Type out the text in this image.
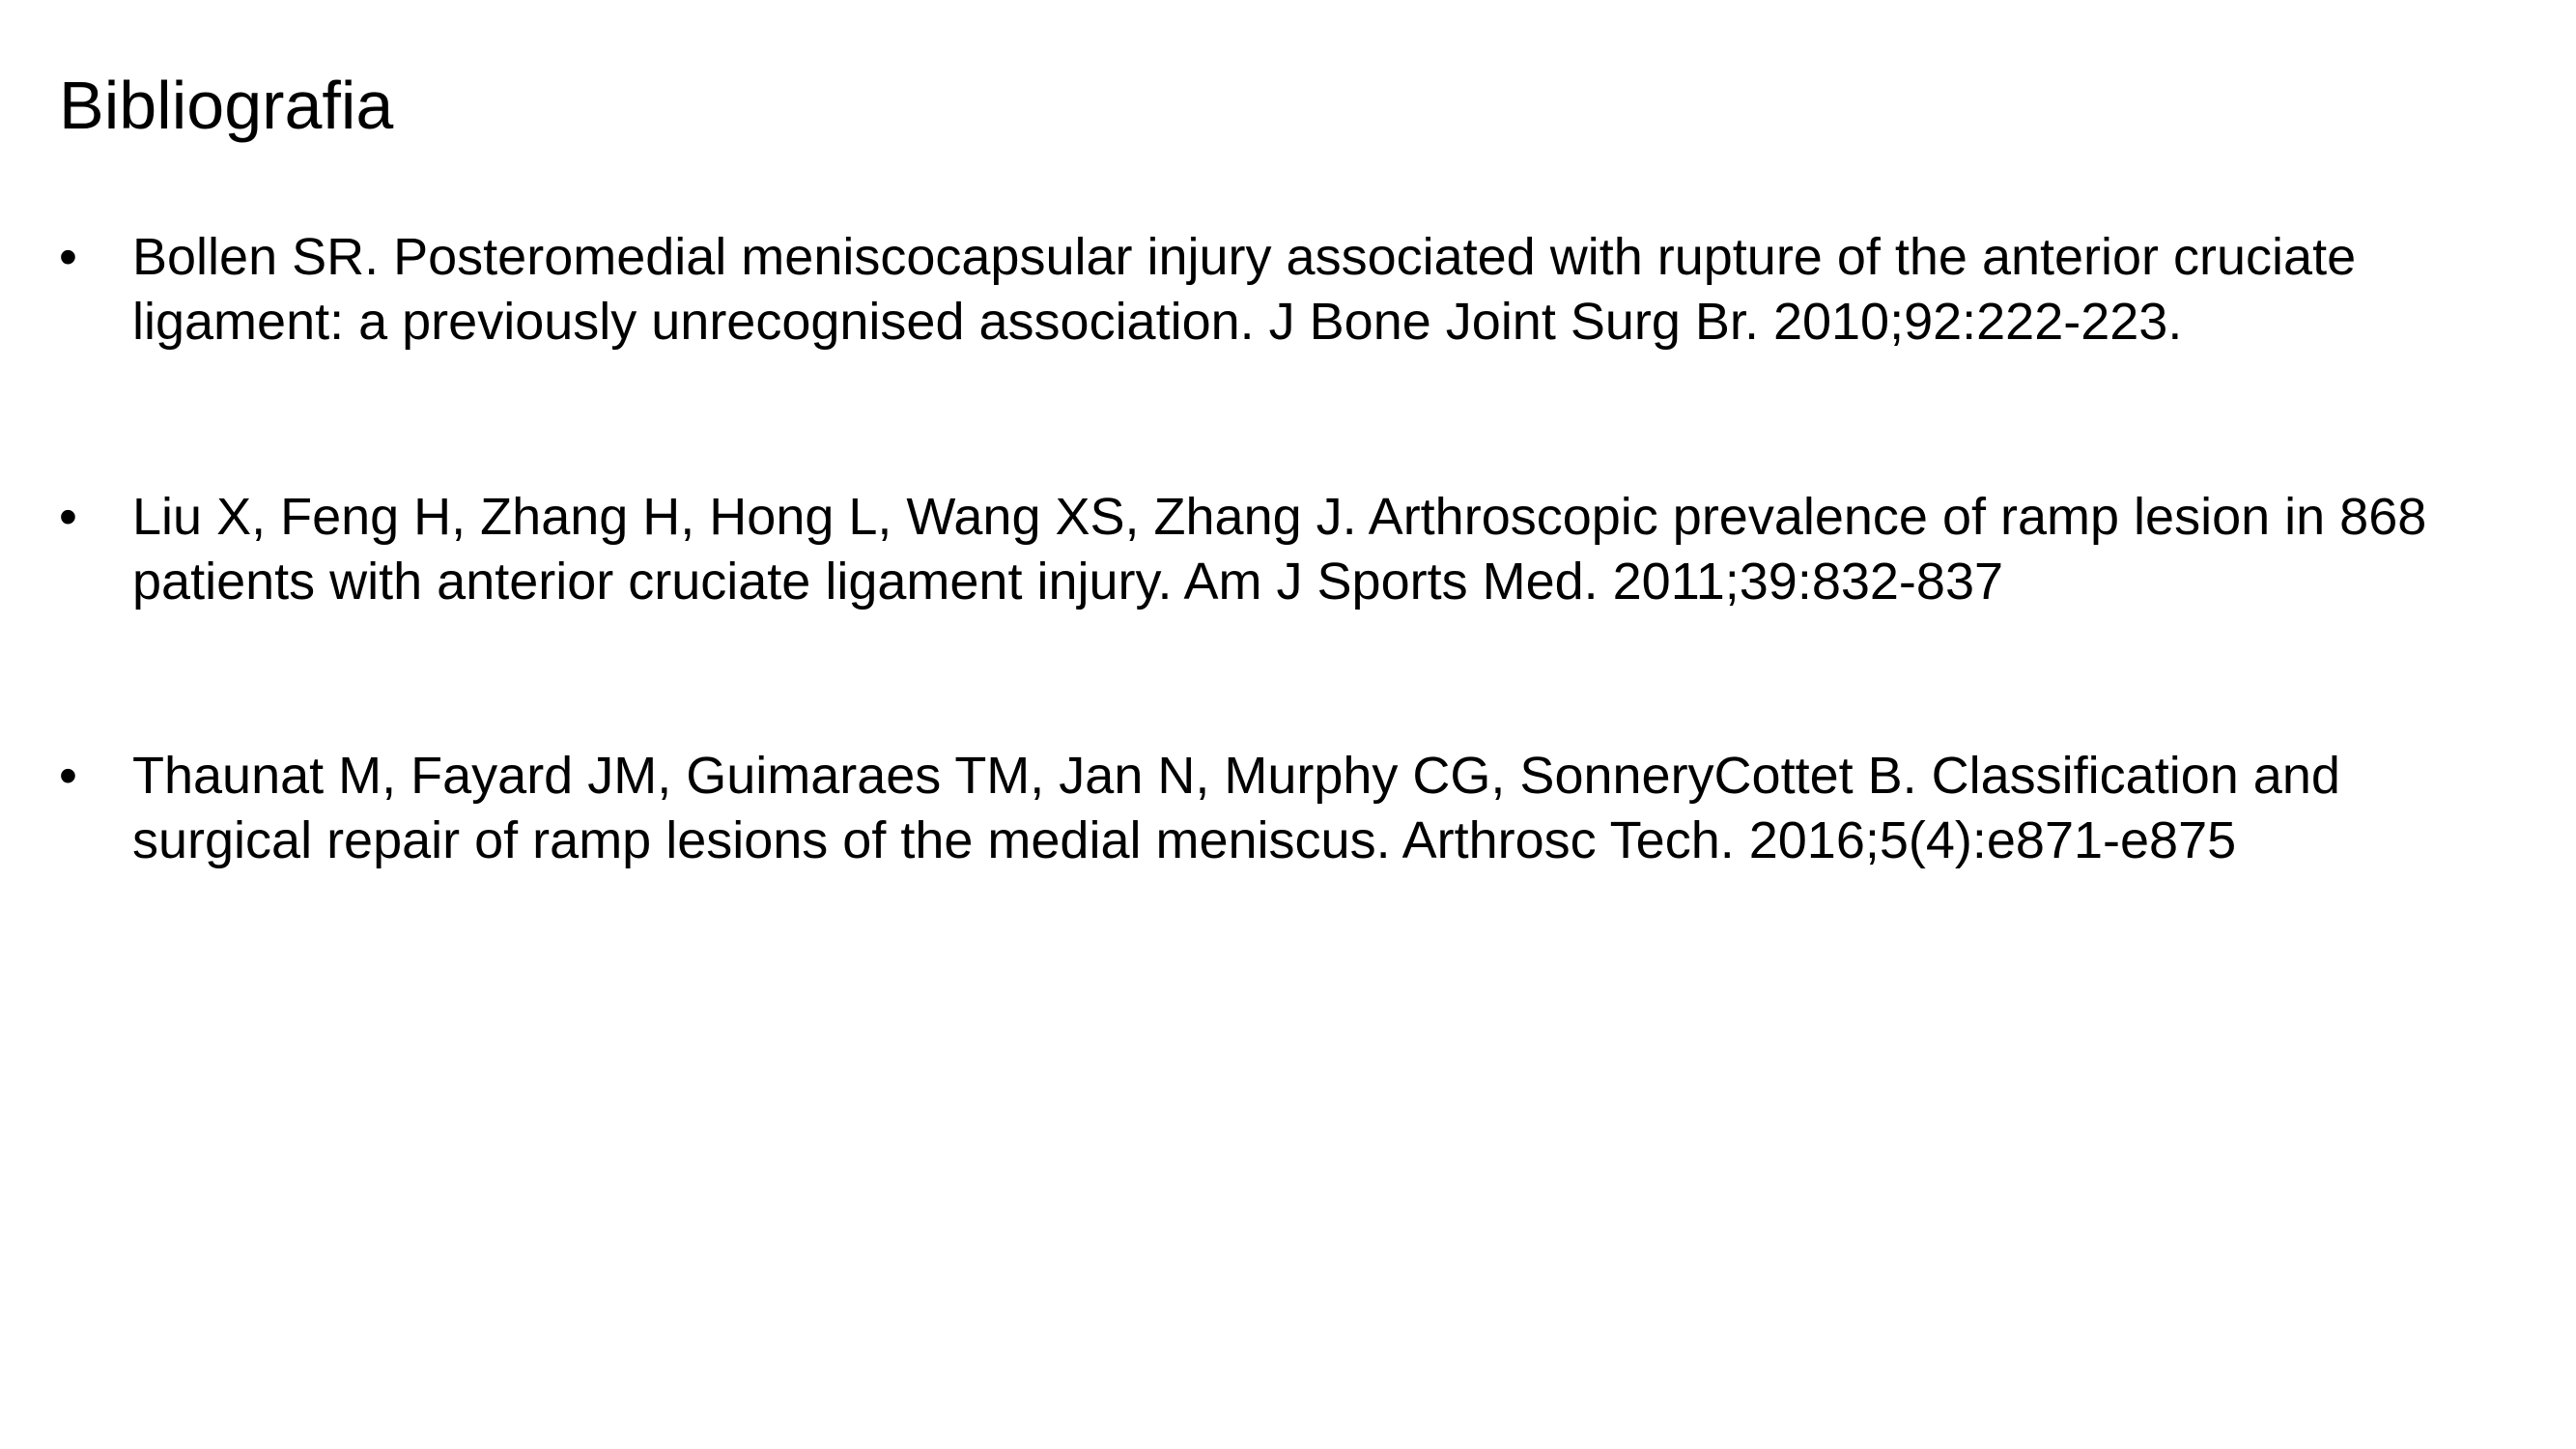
Bibliografia
•	Bollen SR. Posteromedial meniscocapsular injury associated with rupture of the anterior cruciate
ligament: a previously unrecognised association. J Bone Joint Surg Br. 2010;92:222-223.
•	Liu X, Feng H, Zhang H, Hong L, Wang XS, Zhang J. Arthroscopic prevalence of ramp lesion in 868
patients with anterior cruciate ligament injury. Am J Sports Med. 2011;39:832-837
•	Thaunat M, Fayard JM, Guimaraes TM, Jan N, Murphy CG, SonneryCottet B. Classification and
surgical repair of ramp lesions of the medial meniscus. Arthrosc Tech. 2016;5(4):e871-e875
